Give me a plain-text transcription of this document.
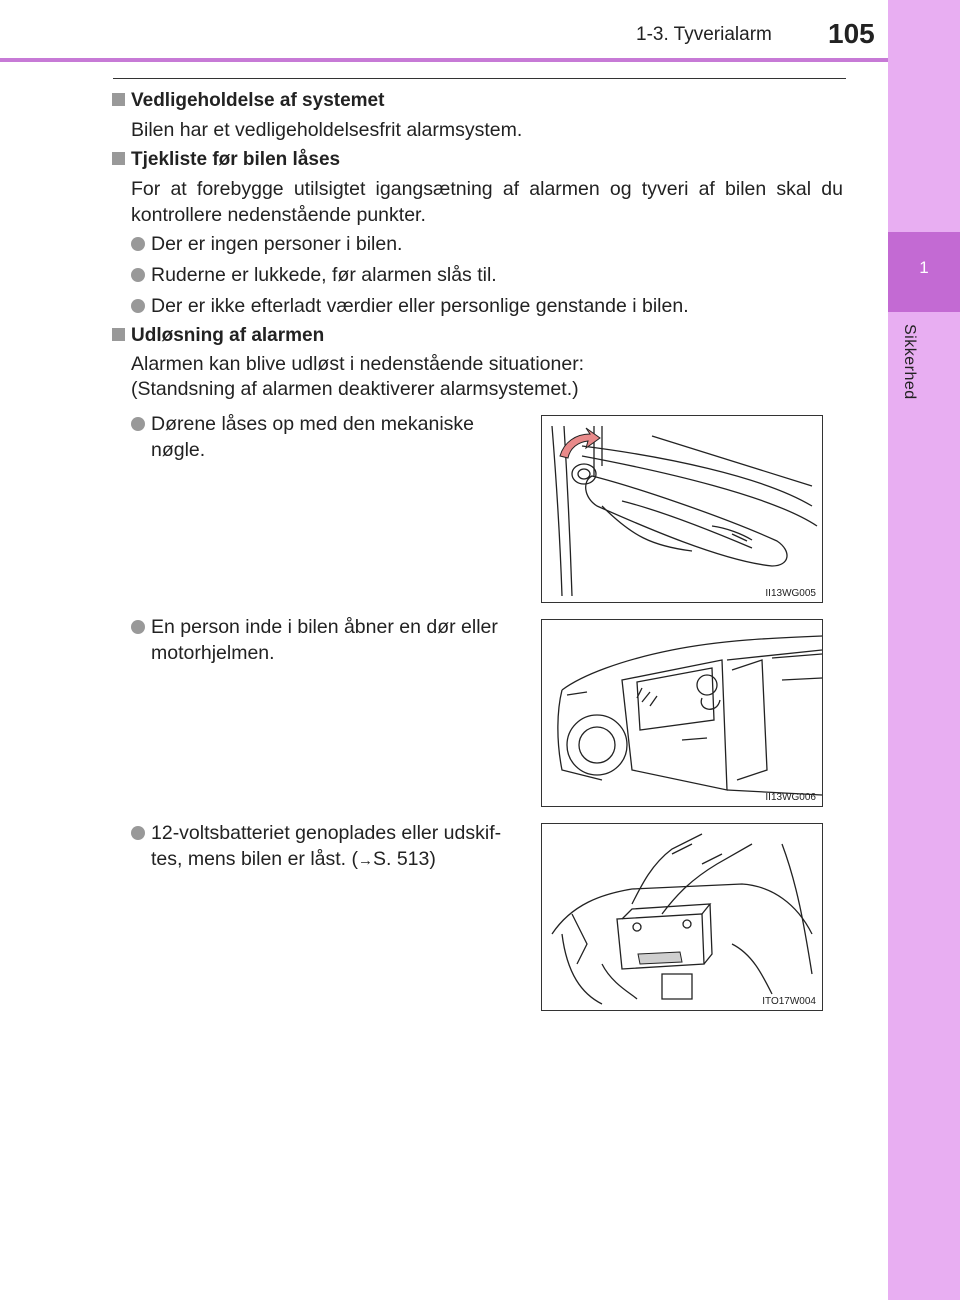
1-3. Tyverialarm 105
1
Sikkerhed
Vedligeholdelse af systemet
Bilen har et vedligeholdelsesfrit alarmsystem.
Tjekliste før bilen låses
For at forebygge utilsigtet igangsætning af alarmen og tyveri af bilen skal du kontrollere nedenstående punkter.
Der er ingen personer i bilen.
Ruderne er lukkede, før alarmen slås til.
Der er ikke efterladt værdier eller personlige genstande i bilen.
Udløsning af alarmen
Alarmen kan blive udløst i nedenstående situationer:
(Standsning af alarmen deaktiverer alarmsystemet.)
Dørene låses op med den mekaniske
nøgle.
II13WG005
En person inde i bilen åbner en dør eller
motorhjelmen.
II13WG006
12-voltsbatteriet genoplades eller udskif-
tes, mens bilen er låst. (→S. 513)
ITO17W004
